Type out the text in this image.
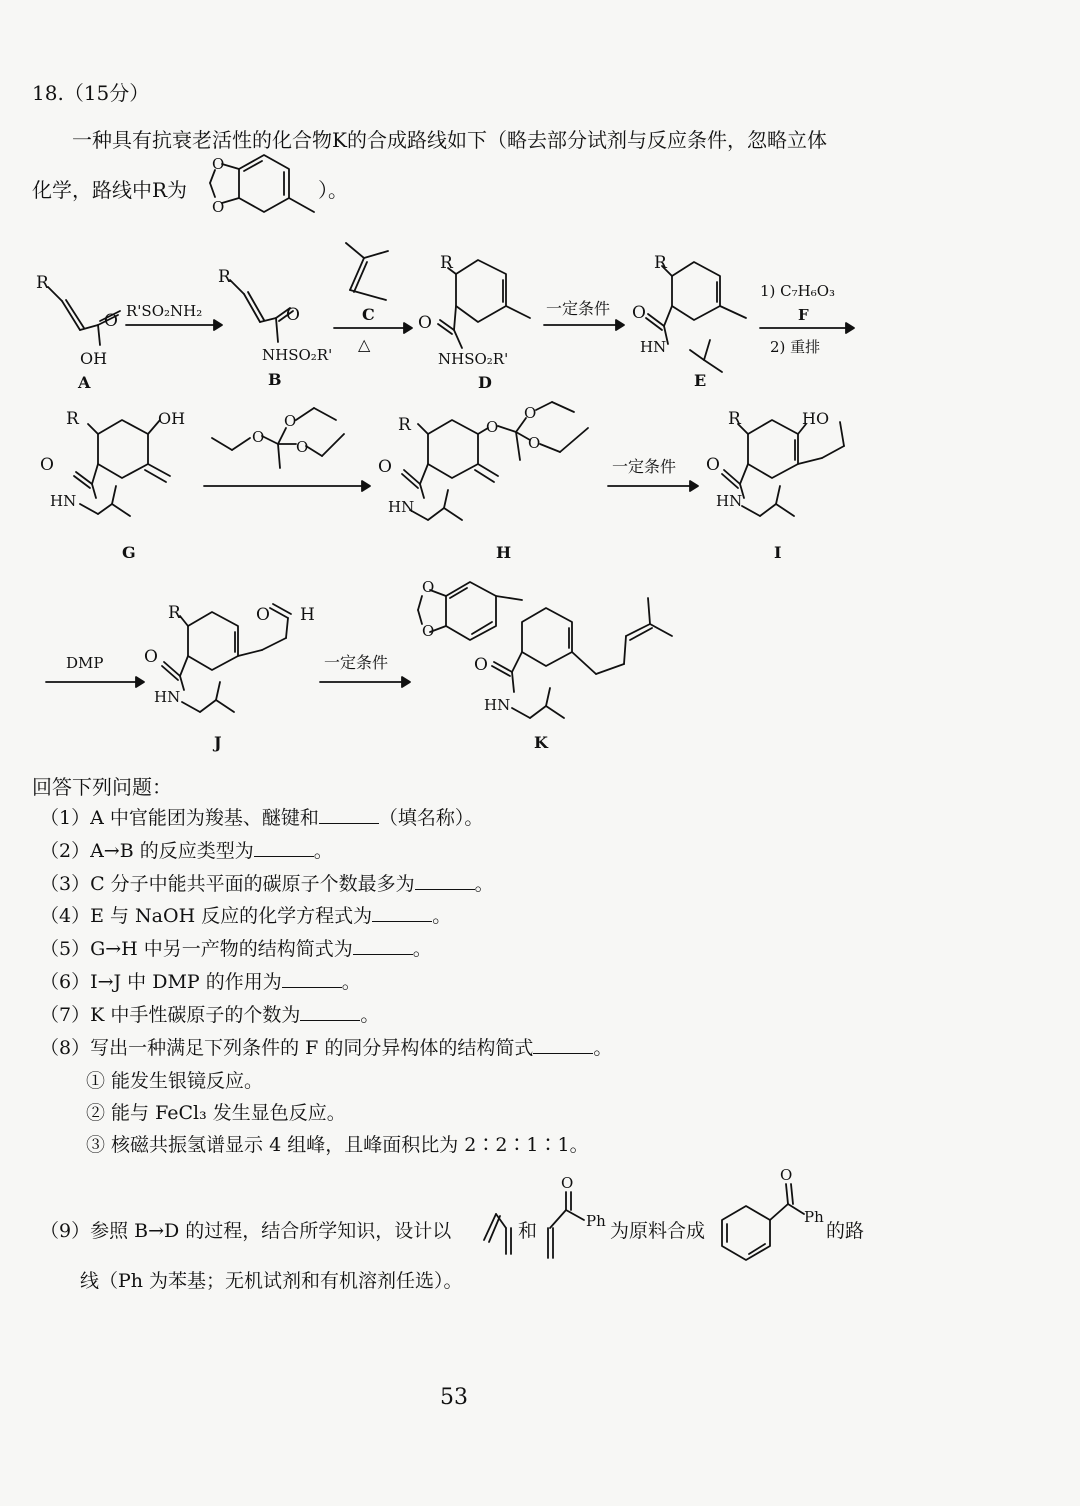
18.（15分）
一种具有抗衰老活性的化合物K的合成路线如下（略去部分试剂与反应条件，忽略立体
化学，路线中R为	）。
O
O
R
O
OH
A
R'SO₂NH₂
R
O
NHSO₂R'
B
C
△
R
O
NHSO₂R'
D
一定条件
R
O
HN
E
1) C₇H₆O₃
F
2) 重排
R	OH
O
HN
G
O
O
O
R	O
O
O
O
HN
H
一定条件
R	HO
O
HN
I
DMP
R	O H
O
HN
J
一定条件
O
O
O
HN
K
O
Ph
O
Ph
回答下列问题：
（1）A 中官能团为羧基、醚键和	（填名称）。
（2）A→B 的反应类型为	。
（3）C 分子中能共平面的碳原子个数最多为	。
（4）E 与 NaOH 反应的化学方程式为	。
（5）G→H 中另一产物的结构简式为	。
（6）I→J 中 DMP 的作用为	。
（7）K 中手性碳原子的个数为	。
（8）写出一种满足下列条件的 F 的同分异构体的结构简式	。
① 能发生银镜反应。
② 能与 FeCl₃ 发生显色反应。
③ 核磁共振氢谱显示 4 组峰，且峰面积比为 2∶2∶1∶1。
（9）参照 B→D 的过程，结合所学知识，设计以	和	为原料合成	的路
线（Ph 为苯基；无机试剂和有机溶剂任选）。
53
